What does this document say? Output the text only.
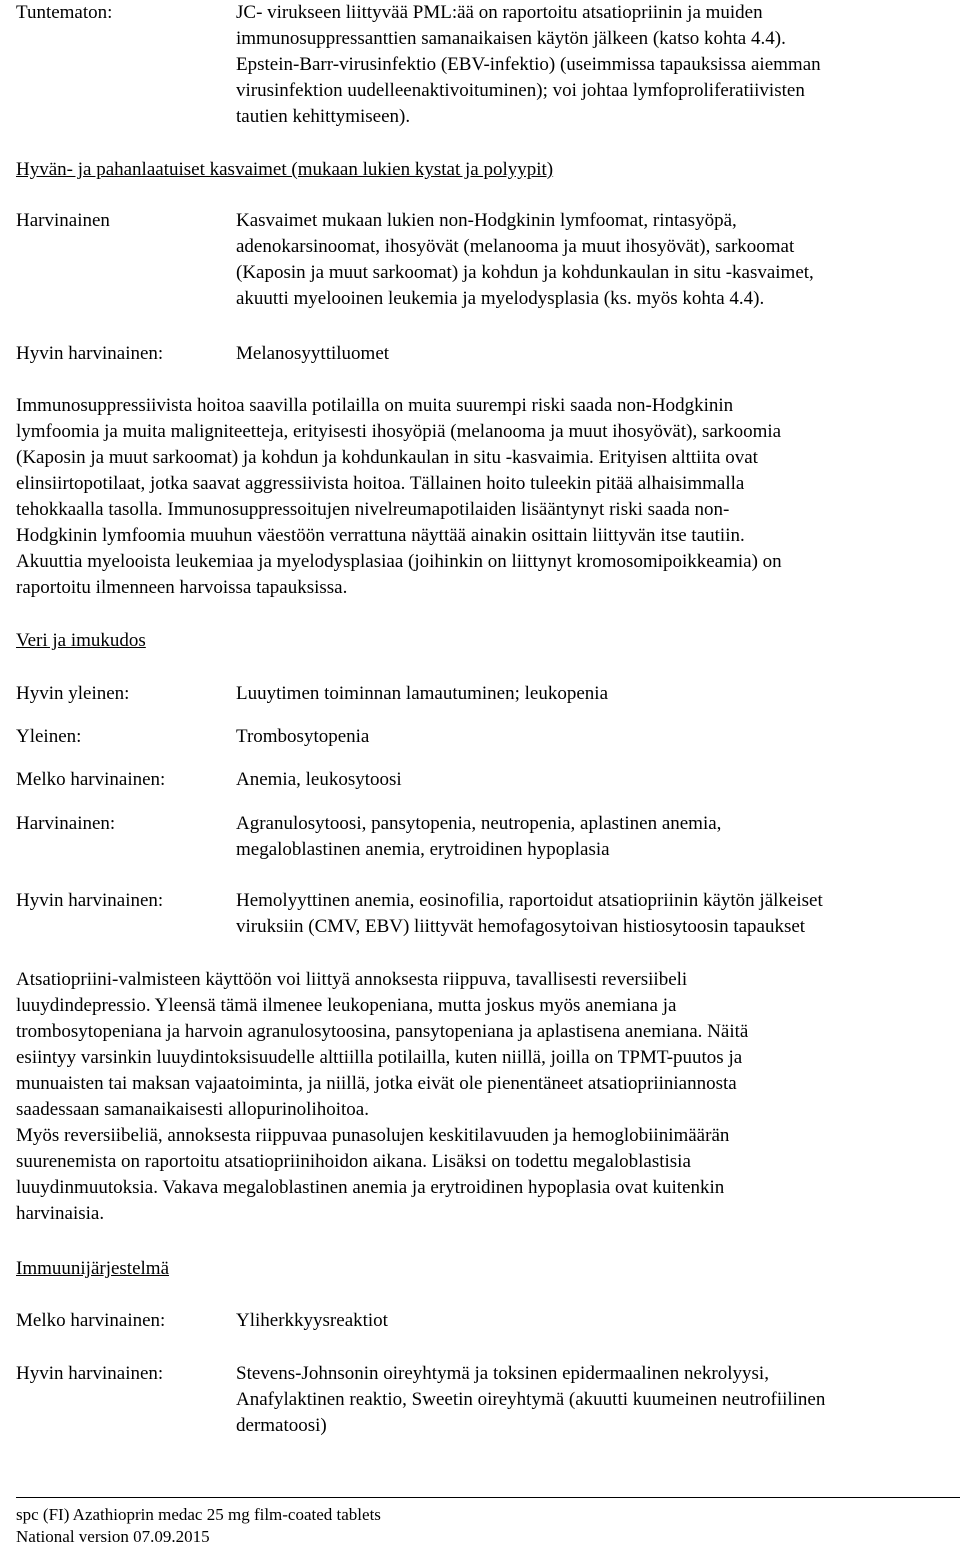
Tuntematon:	JC- virukseen liittyvää PML:ää on raportoitu atsatiopriinin ja muiden
immunosuppressanttien samanaikaisen käytön jälkeen (katso kohta 4.4).
Epstein-Barr-virusinfektio (EBV-infektio) (useimmissa tapauksissa aiemman
virusinfektion uudelleenaktivoituminen); voi johtaa lymfoproliferatiivisten
tautien kehittymiseen).
Hyvän- ja pahanlaatuiset kasvaimet (mukaan lukien kystat ja polyypit)
Harvinainen	Kasvaimet mukaan lukien non-Hodgkinin lymfoomat, rintasyöpä,
adenokarsinoomat, ihosyövät (melanooma ja muut ihosyövät), sarkoomat
(Kaposin ja muut sarkoomat) ja kohdun ja kohdunkaulan in situ -kasvaimet,
akuutti myelooinen leukemia ja myelodysplasia (ks. myös kohta 4.4).
Hyvin harvinainen:	Melanosyyttiluomet
Immunosuppressiivista hoitoa saavilla potilailla on muita suurempi riski saada non-Hodgkinin
lymfoomia ja muita maligniteetteja, erityisesti ihosyöpiä (melanooma ja muut ihosyövät), sarkoomia
(Kaposin ja muut sarkoomat) ja kohdun ja kohdunkaulan in situ -kasvaimia. Erityisen alttiita ovat
elinsiirtopotilaat, jotka saavat aggressiivista hoitoa. Tällainen hoito tuleekin pitää alhaisimmalla
tehokkaalla tasolla. Immunosuppressoitujen nivelreumapotilaiden lisääntynyt riski saada non-
Hodgkinin lymfoomia muuhun väestöön verrattuna näyttää ainakin osittain liittyvän itse tautiin.
Akuuttia myelooista leukemiaa ja myelodysplasiaa (joihinkin on liittynyt kromosomipoikkeamia) on
raportoitu ilmenneen harvoissa tapauksissa.
Veri ja imukudos
Hyvin yleinen:	Luuytimen toiminnan lamautuminen; leukopenia
Yleinen:	Trombosytopenia
Melko harvinainen:	Anemia, leukosytoosi
Harvinainen:	Agranulosytoosi, pansytopenia, neutropenia, aplastinen anemia,
megaloblastinen anemia, erytroidinen hypoplasia
Hyvin harvinainen:	Hemolyyttinen anemia, eosinofilia, raportoidut atsatiopriinin käytön jälkeiset
viruksiin (CMV, EBV) liittyvät hemofagosytoivan histiosytoosin tapaukset
Atsatiopriini-valmisteen käyttöön voi liittyä annoksesta riippuva, tavallisesti reversiibeli
luuydindepressio. Yleensä tämä ilmenee leukopeniana, mutta joskus myös anemiana ja
trombosytopeniana ja harvoin agranulosytoosina, pansytopeniana ja aplastisena anemiana. Näitä
esiintyy varsinkin luuydintoksisuudelle alttiilla potilailla, kuten niillä, joilla on TPMT-puutos ja
munuaisten tai maksan vajaatoiminta, ja niillä, jotka eivät ole pienentäneet atsatiopriiniannosta
saadessaan samanaikaisesti allopurinolihoitoa.
Myös reversiibeliä, annoksesta riippuvaa punasolujen keskitilavuuden ja hemoglobiinimäärän
suurenemista on raportoitu atsatiopriinihoidon aikana. Lisäksi on todettu megaloblastisia
luuydinmuutoksia. Vakava megaloblastinen anemia ja erytroidinen hypoplasia ovat kuitenkin
harvinaisia.
Immuunijärjestelmä
Melko harvinainen:	Yliherkkyysreaktiot
Hyvin harvinainen:	Stevens-Johnsonin oireyhtymä ja toksinen epidermaalinen nekrolyysi,
Anafylaktinen reaktio, Sweetin oireyhtymä (akuutti kuumeinen neutrofiilinen
dermatoosi)
spc (FI) Azathioprin medac 25 mg film-coated tablets
National version 07.09.2015
